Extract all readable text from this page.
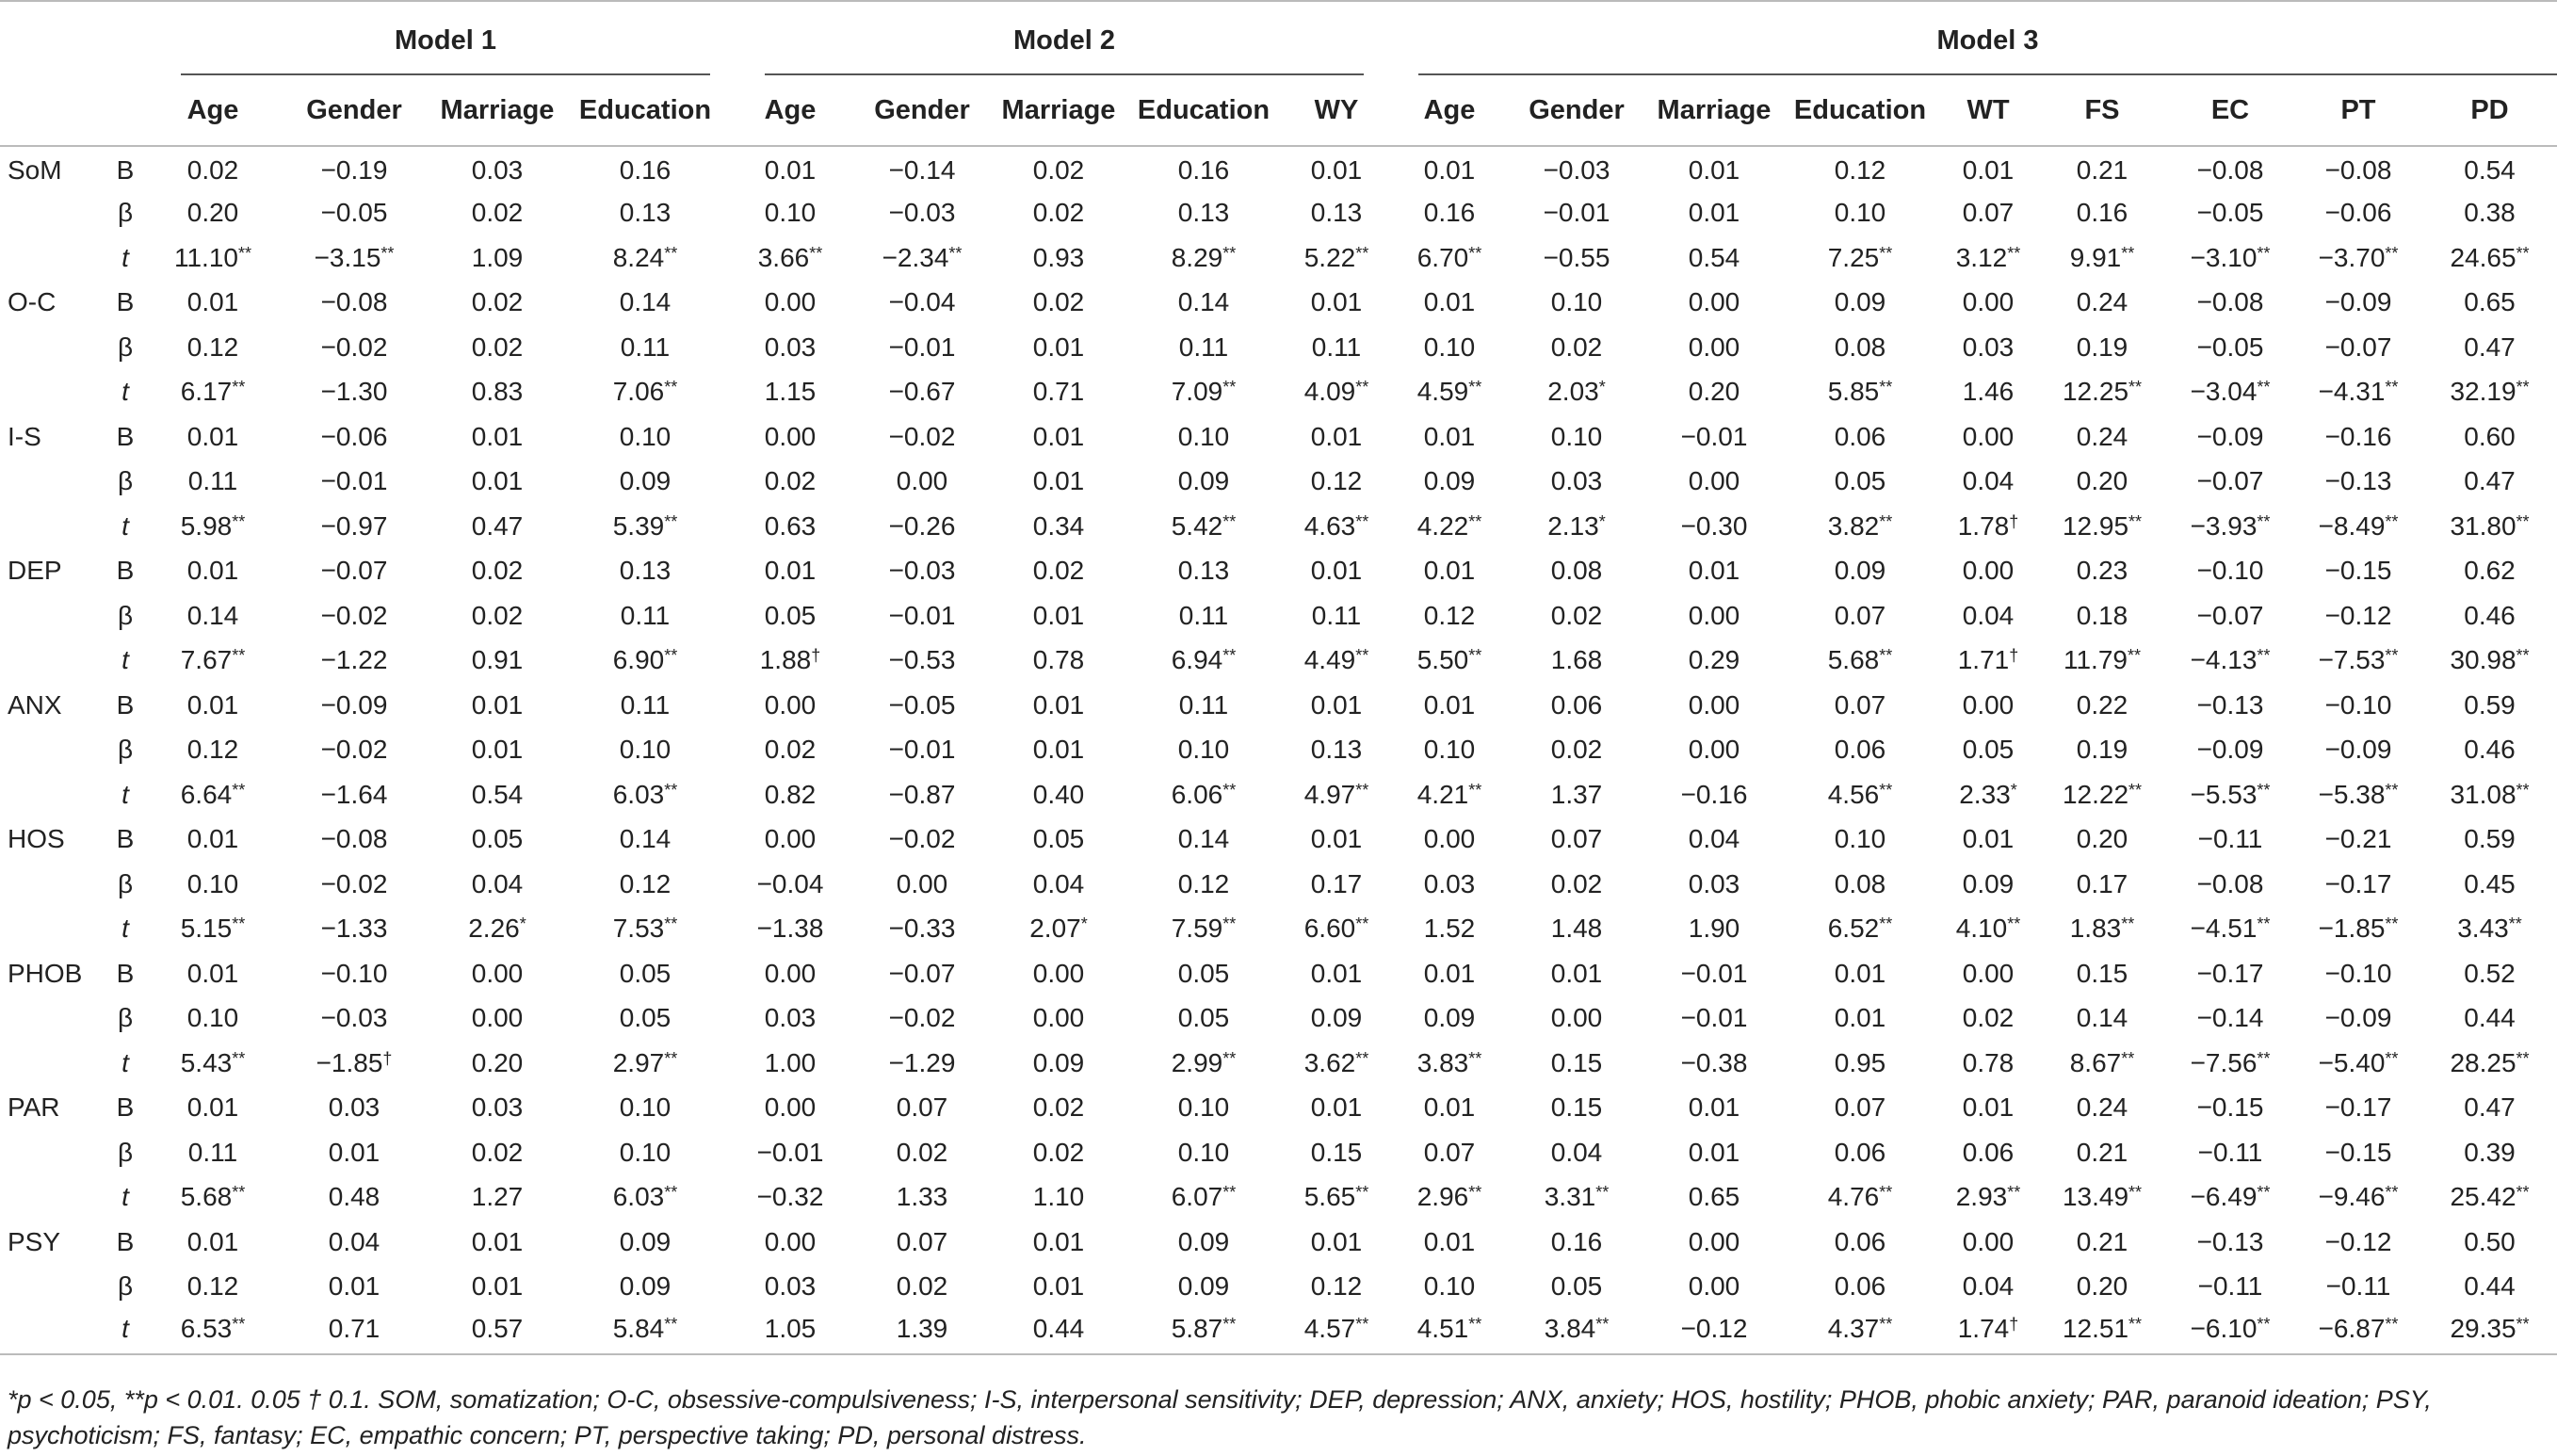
		Model 1				Model 2					Model 3								

		Age	Gender	Marriage	Education	Age	Gender	Marriage	Education	WY	Age	Gender	Marriage	Education	WT	FS	EC	PT	PD
SoM	B	0.02	−0.19	0.03	0.16	0.01	−0.14	0.02	0.16	0.01	0.01	−0.03	0.01	0.12	0.01	0.21	−0.08	−0.08	0.54
	β	0.20	−0.05	0.02	0.13	0.10	−0.03	0.02	0.13	0.13	0.16	−0.01	0.01	0.10	0.07	0.16	−0.05	−0.06	0.38
	t	11.10**	−3.15**	1.09	8.24**	3.66**	−2.34**	0.93	8.29**	5.22**	6.70**	−0.55	0.54	7.25**	3.12**	9.91**	−3.10**	−3.70**	24.65**
O-C	B	0.01	−0.08	0.02	0.14	0.00	−0.04	0.02	0.14	0.01	0.01	0.10	0.00	0.09	0.00	0.24	−0.08	−0.09	0.65
	β	0.12	−0.02	0.02	0.11	0.03	−0.01	0.01	0.11	0.11	0.10	0.02	0.00	0.08	0.03	0.19	−0.05	−0.07	0.47
	t	6.17**	−1.30	0.83	7.06**	1.15	−0.67	0.71	7.09**	4.09**	4.59**	2.03*	0.20	5.85**	1.46	12.25**	−3.04**	−4.31**	32.19**
I-S	B	0.01	−0.06	0.01	0.10	0.00	−0.02	0.01	0.10	0.01	0.01	0.10	−0.01	0.06	0.00	0.24	−0.09	−0.16	0.60
	β	0.11	−0.01	0.01	0.09	0.02	0.00	0.01	0.09	0.12	0.09	0.03	0.00	0.05	0.04	0.20	−0.07	−0.13	0.47
	t	5.98**	−0.97	0.47	5.39**	0.63	−0.26	0.34	5.42**	4.63**	4.22**	2.13*	−0.30	3.82**	1.78†	12.95**	−3.93**	−8.49**	31.80**
DEP	B	0.01	−0.07	0.02	0.13	0.01	−0.03	0.02	0.13	0.01	0.01	0.08	0.01	0.09	0.00	0.23	−0.10	−0.15	0.62
	β	0.14	−0.02	0.02	0.11	0.05	−0.01	0.01	0.11	0.11	0.12	0.02	0.00	0.07	0.04	0.18	−0.07	−0.12	0.46
	t	7.67**	−1.22	0.91	6.90**	1.88†	−0.53	0.78	6.94**	4.49**	5.50**	1.68	0.29	5.68**	1.71†	11.79**	−4.13**	−7.53**	30.98**
ANX	B	0.01	−0.09	0.01	0.11	0.00	−0.05	0.01	0.11	0.01	0.01	0.06	0.00	0.07	0.00	0.22	−0.13	−0.10	0.59
	β	0.12	−0.02	0.01	0.10	0.02	−0.01	0.01	0.10	0.13	0.10	0.02	0.00	0.06	0.05	0.19	−0.09	−0.09	0.46
	t	6.64**	−1.64	0.54	6.03**	0.82	−0.87	0.40	6.06**	4.97**	4.21**	1.37	−0.16	4.56**	2.33*	12.22**	−5.53**	−5.38**	31.08**
HOS	B	0.01	−0.08	0.05	0.14	0.00	−0.02	0.05	0.14	0.01	0.00	0.07	0.04	0.10	0.01	0.20	−0.11	−0.21	0.59
	β	0.10	−0.02	0.04	0.12	−0.04	0.00	0.04	0.12	0.17	0.03	0.02	0.03	0.08	0.09	0.17	−0.08	−0.17	0.45
	t	5.15**	−1.33	2.26*	7.53**	−1.38	−0.33	2.07*	7.59**	6.60**	1.52	1.48	1.90	6.52**	4.10**	1.83**	−4.51**	−1.85**	3.43**
PHOB	B	0.01	−0.10	0.00	0.05	0.00	−0.07	0.00	0.05	0.01	0.01	0.01	−0.01	0.01	0.00	0.15	−0.17	−0.10	0.52
	β	0.10	−0.03	0.00	0.05	0.03	−0.02	0.00	0.05	0.09	0.09	0.00	−0.01	0.01	0.02	0.14	−0.14	−0.09	0.44
	t	5.43**	−1.85†	0.20	2.97**	1.00	−1.29	0.09	2.99**	3.62**	3.83**	0.15	−0.38	0.95	0.78	8.67**	−7.56**	−5.40**	28.25**
PAR	B	0.01	0.03	0.03	0.10	0.00	0.07	0.02	0.10	0.01	0.01	0.15	0.01	0.07	0.01	0.24	−0.15	−0.17	0.47
	β	0.11	0.01	0.02	0.10	−0.01	0.02	0.02	0.10	0.15	0.07	0.04	0.01	0.06	0.06	0.21	−0.11	−0.15	0.39
	t	5.68**	0.48	1.27	6.03**	−0.32	1.33	1.10	6.07**	5.65**	2.96**	3.31**	0.65	4.76**	2.93**	13.49**	−6.49**	−9.46**	25.42**
PSY	B	0.01	0.04	0.01	0.09	0.00	0.07	0.01	0.09	0.01	0.01	0.16	0.00	0.06	0.00	0.21	−0.13	−0.12	0.50
	β	0.12	0.01	0.01	0.09	0.03	0.02	0.01	0.09	0.12	0.10	0.05	0.00	0.06	0.04	0.20	−0.11	−0.11	0.44
	t	6.53**	0.71	0.57	5.84**	1.05	1.39	0.44	5.87**	4.57**	4.51**	3.84**	−0.12	4.37**	1.74†	12.51**	−6.10**	−6.87**	29.35**
*p < 0.05, **p < 0.01. 0.05 † 0.1. SOM, somatization; O-C, obsessive-compulsiveness; I-S, interpersonal sensitivity; DEP, depression; ANX, anxiety; HOS, hostility; PHOB, phobic anxiety; PAR, paranoid ideation; PSY,
psychoticism; FS, fantasy; EC, empathic concern; PT, perspective taking; PD, personal distress.
